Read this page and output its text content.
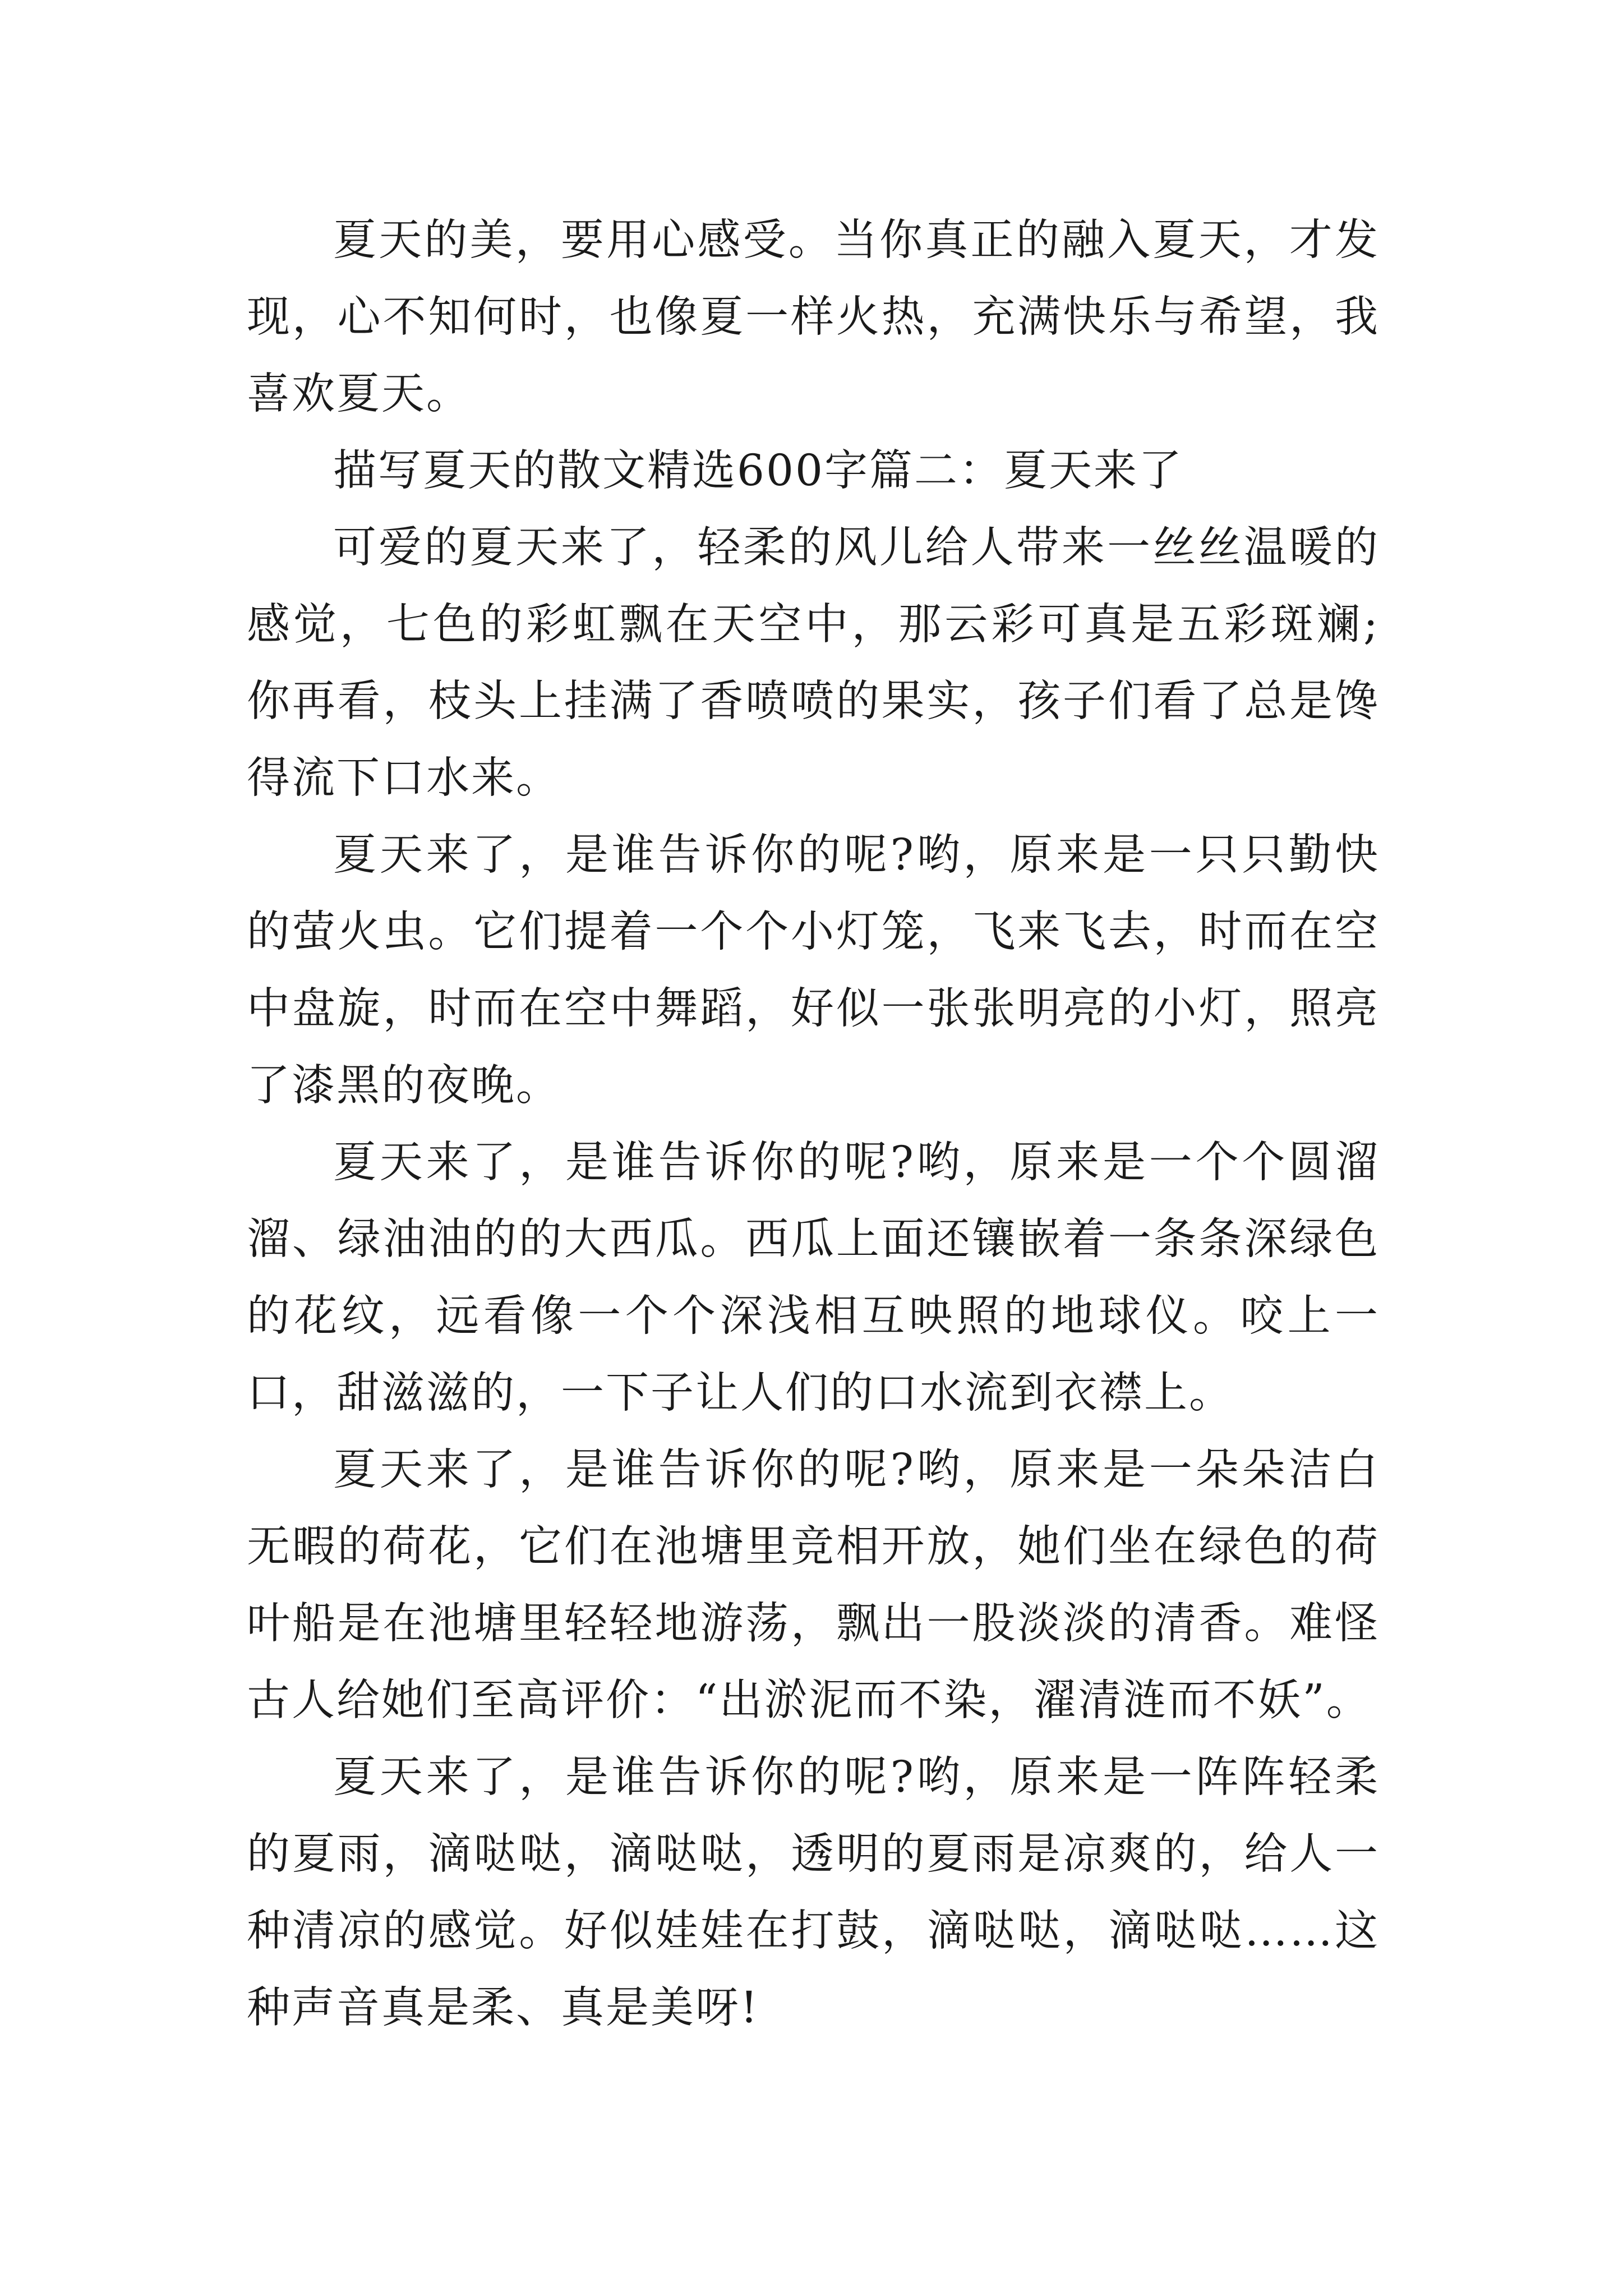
夏天的美，要用心感受。当你真正的融入夏天，才发现，心不知何时，也像夏一样火热，充满快乐与希望，我喜欢夏天。

描写夏天的散文精选600字篇二：夏天来了

可爱的夏天来了，轻柔的风儿给人带来一丝丝温暖的感觉，七色的彩虹飘在天空中，那云彩可真是五彩斑斓;你再看，枝头上挂满了香喷喷的果实，孩子们看了总是馋得流下口水来。

夏天来了，是谁告诉你的呢?哟，原来是一只只勤快的萤火虫。它们提着一个个小灯笼，飞来飞去，时而在空中盘旋，时而在空中舞蹈，好似一张张明亮的小灯，照亮了漆黑的夜晚。

夏天来了，是谁告诉你的呢?哟，原来是一个个圆溜溜、绿油油的的大西瓜。西瓜上面还镶嵌着一条条深绿色的花纹，远看像一个个深浅相互映照的地球仪。咬上一口，甜滋滋的，一下子让人们的口水流到衣襟上。

夏天来了，是谁告诉你的呢?哟，原来是一朵朵洁白无暇的荷花，它们在池塘里竞相开放，她们坐在绿色的荷叶船是在池塘里轻轻地游荡，飘出一股淡淡的清香。难怪古人给她们至高评价：“出淤泥而不染，濯清涟而不妖”。

夏天来了，是谁告诉你的呢?哟，原来是一阵阵轻柔的夏雨，滴哒哒，滴哒哒，透明的夏雨是凉爽的，给人一种清凉的感觉。好似娃娃在打鼓，滴哒哒，滴哒哒……这种声音真是柔、真是美呀!
